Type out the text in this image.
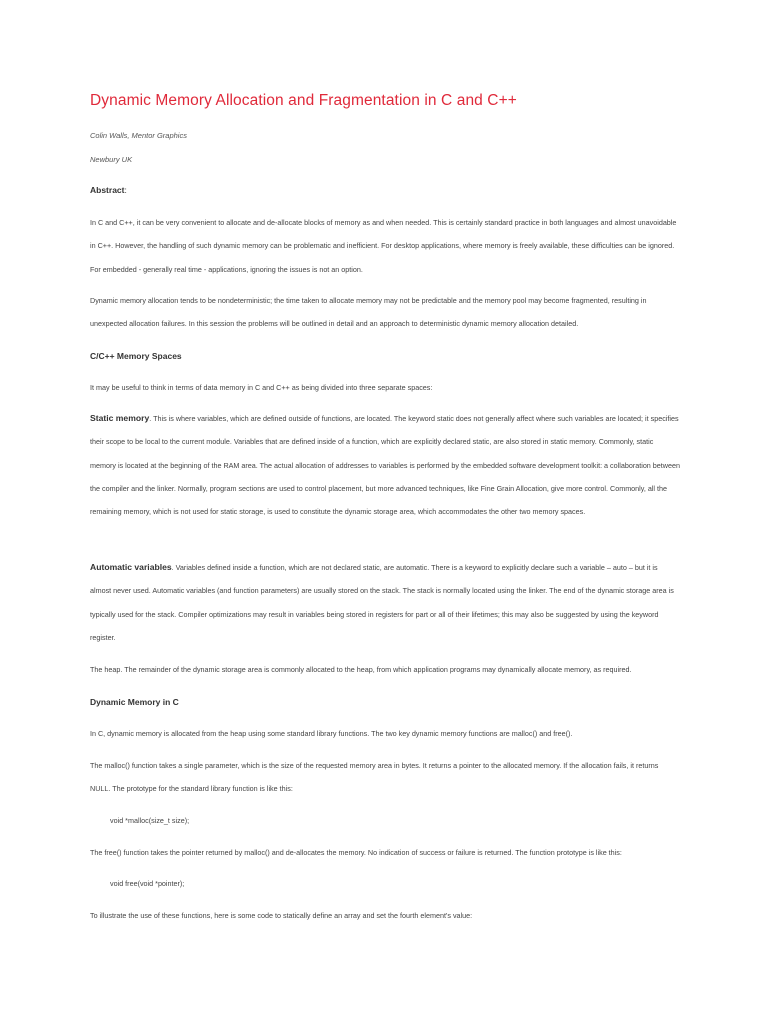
Dynamic Memory Allocation and Fragmentation in C and C++
Colin Walls, Mentor Graphics
Newbury UK
Abstract:
In C and C++, it can be very convenient to allocate and de-allocate blocks of memory as and when needed. This is certainly standard practice in both languages and almost unavoidable in C++. However, the handling of such dynamic memory can be problematic and inefficient. For desktop applications, where memory is freely available, these difficulties can be ignored. For embedded - generally real time - applications, ignoring the issues is not an option.
Dynamic memory allocation tends to be nondeterministic; the time taken to allocate memory may not be predictable and the memory pool may become fragmented, resulting in unexpected allocation failures. In this session the problems will be outlined in detail and an approach to deterministic dynamic memory allocation detailed.
C/C++ Memory Spaces
It may be useful to think in terms of data memory in C and C++ as being divided into three separate spaces:
Static memory. This is where variables, which are defined outside of functions, are located. The keyword static does not generally affect where such variables are located; it specifies their scope to be local to the current module. Variables that are defined inside of a function, which are explicitly declared static, are also stored in static memory. Commonly, static memory is located at the beginning of the RAM area. The actual allocation of addresses to variables is performed by the embedded software development toolkit: a collaboration between the compiler and the linker. Normally, program sections are used to control placement, but more advanced techniques, like Fine Grain Allocation, give more control. Commonly, all the remaining memory, which is not used for static storage, is used to constitute the dynamic storage area, which accommodates the other two memory spaces.
Automatic variables. Variables defined inside a function, which are not declared static, are automatic. There is a keyword to explicitly declare such a variable – auto – but it is almost never used. Automatic variables (and function parameters) are usually stored on the stack. The stack is normally located using the linker. The end of the dynamic storage area is typically used for the stack. Compiler optimizations may result in variables being stored in registers for part or all of their lifetimes; this may also be suggested by using the keyword register.
The heap. The remainder of the dynamic storage area is commonly allocated to the heap, from which application programs may dynamically allocate memory, as required.
Dynamic Memory in C
In C, dynamic memory is allocated from the heap using some standard library functions. The two key dynamic memory functions are malloc() and free().
The malloc() function takes a single parameter, which is the size of the requested memory area in bytes. It returns a pointer to the allocated memory. If the allocation fails, it returns NULL. The prototype for the standard library function is like this:
void *malloc(size_t size);
The free() function takes the pointer returned by malloc() and de-allocates the memory. No indication of success or failure is returned. The function prototype is like this:
void free(void *pointer);
To illustrate the use of these functions, here is some code to statically define an array and set the fourth element's value:
